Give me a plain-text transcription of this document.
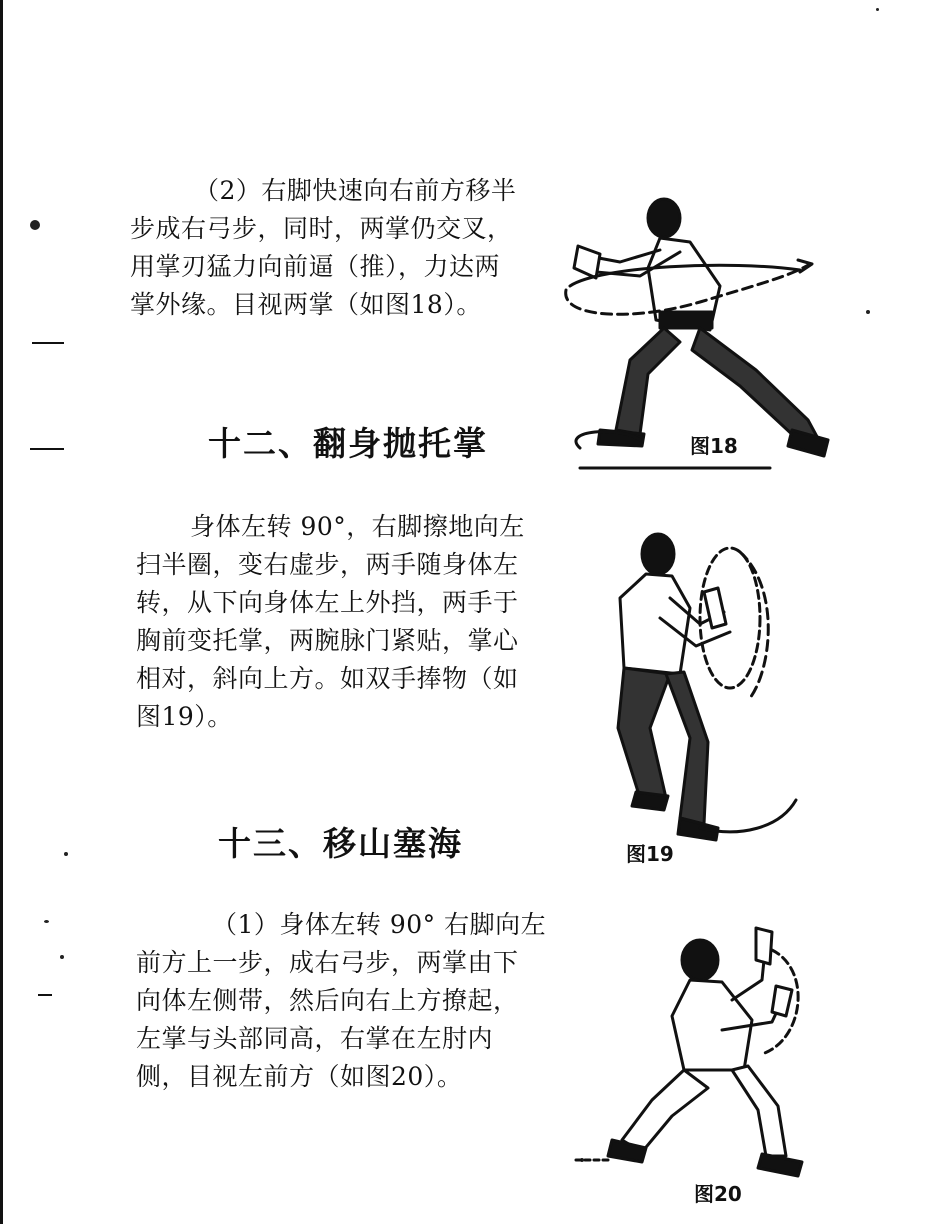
（2）右脚快速向右前方移半
步成右弓步，同时，两掌仍交叉，
用掌刃猛力向前逼（推），力达两
掌外缘。目视两掌（如图18）。
图18
十二、翻身抛托掌
身体左转 90°，右脚擦地向左
扫半圈，变右虚步，两手随身体左
转，从下向身体左上外挡，两手于
胸前变托掌，两腕脉门紧贴，掌心
相对，斜向上方。如双手捧物（如
图19）。
图19
十三、移山塞海
（1）身体左转 90° 右脚向左
前方上一步，成右弓步，两掌由下
向体左侧带，然后向右上方撩起，
左掌与头部同高，右掌在左肘内
侧，目视左前方（如图20）。
图20
